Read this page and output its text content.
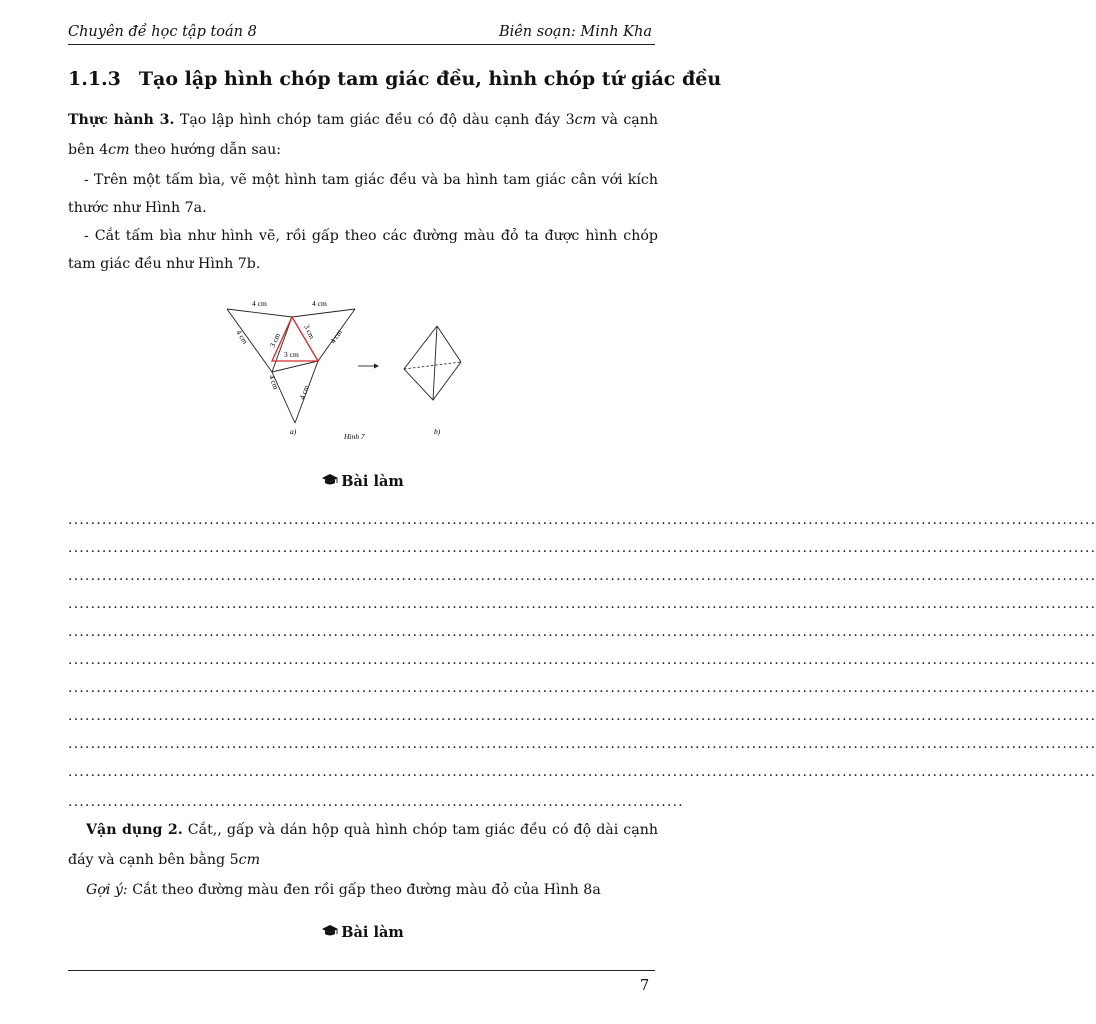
Chuyên đề học tập toán 8	Biên soạn: Minh Kha
1.1.3 Tạo lập hình chóp tam giác đều, hình chóp tứ giác đều
Thực hành 3. Tạo lập hình chóp tam giác đều có độ dàu cạnh đáy 3cm và cạnh
bên 4cm theo hướng dẫn sau:
- Trên một tấm bìa, vẽ một hình tam giác đều và ba hình tam giác cân với kích
thước như Hình 7a.
- Cắt tấm bìa như hình vẽ, rồi gấp theo các đường màu đỏ ta được hình chóp
tam giác đều như Hình 7b.
4 cm	4 cm
4 cm	4 cm
4 cm
4 cm
3 cm	3 cm
3 cm
a)	b)
Hình 7
Bài làm
......................................................................................................................................................................................
......................................................................................................................................................................................
......................................................................................................................................................................................
......................................................................................................................................................................................
......................................................................................................................................................................................
......................................................................................................................................................................................
......................................................................................................................................................................................
......................................................................................................................................................................................
......................................................................................................................................................................................
......................................................................................................................................................................................
.............................................................................................................
Vận dụng 2. Cắt,, gấp và dán hộp quà hình chóp tam giác đều có độ dài cạnh
đáy và cạnh bên bằng 5cm
Gợi ý: Cắt theo đường màu đen rồi gấp theo đường màu đỏ của Hình 8a
Bài làm
7
